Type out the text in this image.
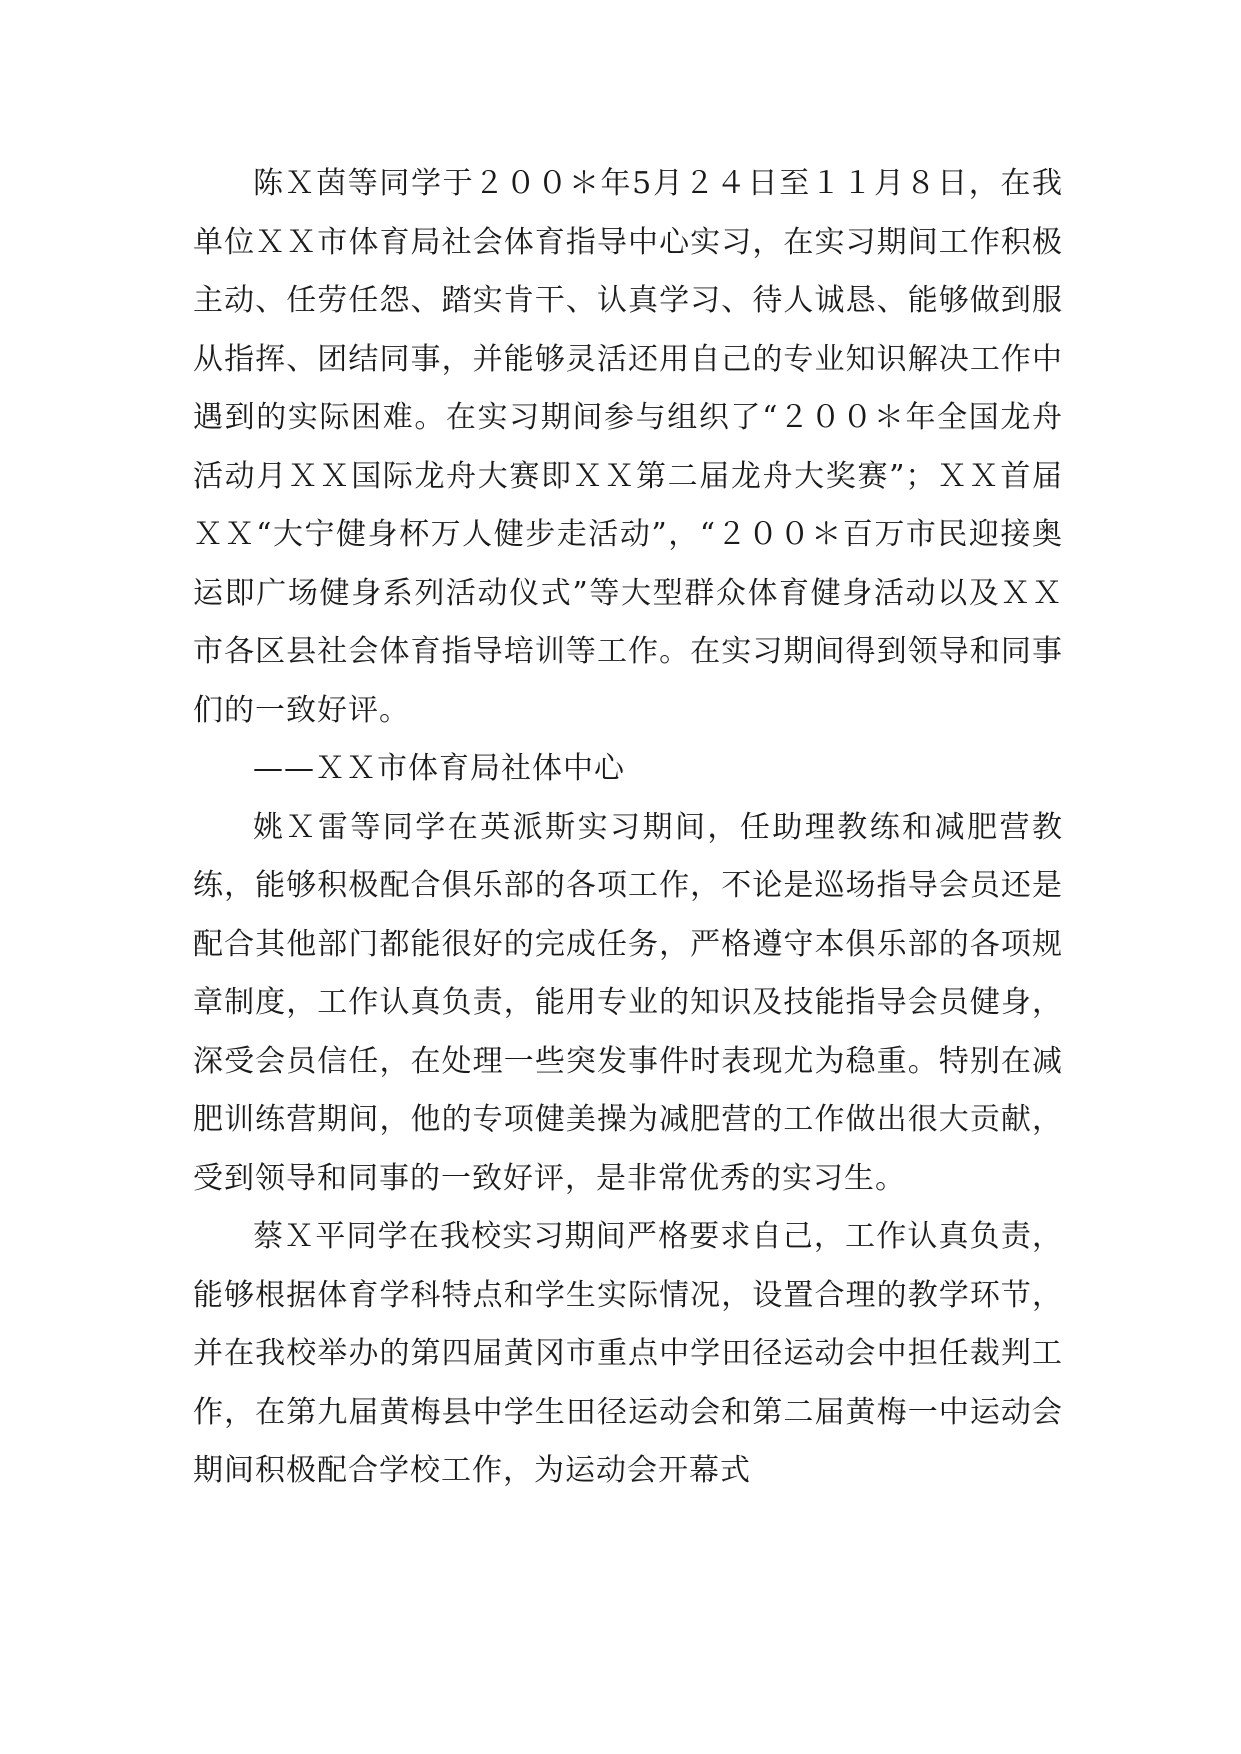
陈Ｘ茵等同学于２００＊年5月２４日至１１月８日，在我单位ＸＸ市体育局社会体育指导中心实习，在实习期间工作积极主动、任劳任怨、踏实肯干、认真学习、待人诚恳、能够做到服从指挥、团结同事，并能够灵活还用自己的专业知识解决工作中遇到的实际困难。在实习期间参与组织了“２００＊年全国龙舟活动月ＸＸ国际龙舟大赛即ＸＸ第二届龙舟大奖赛”；ＸＸ首届ＸＸ“大宁健身杯万人健步走活动”，“２００＊百万市民迎接奥运即广场健身系列活动仪式”等大型群众体育健身活动以及ＸＸ市各区县社会体育指导培训等工作。在实习期间得到领导和同事们的一致好评。

——ＸＸ市体育局社体中心

姚Ｘ雷等同学在英派斯实习期间，任助理教练和减肥营教练，能够积极配合俱乐部的各项工作，不论是巡场指导会员还是配合其他部门都能很好的完成任务，严格遵守本俱乐部的各项规章制度，工作认真负责，能用专业的知识及技能指导会员健身，深受会员信任，在处理一些突发事件时表现尤为稳重。特别在减肥训练营期间，他的专项健美操为减肥营的工作做出很大贡献，受到领导和同事的一致好评，是非常优秀的实习生。

蔡Ｘ平同学在我校实习期间严格要求自己，工作认真负责，能够根据体育学科特点和学生实际情况，设置合理的教学环节，并在我校举办的第四届黄冈市重点中学田径运动会中担任裁判工作，在第九届黄梅县中学生田径运动会和第二届黄梅一中运动会期间积极配合学校工作，为运动会开幕式
